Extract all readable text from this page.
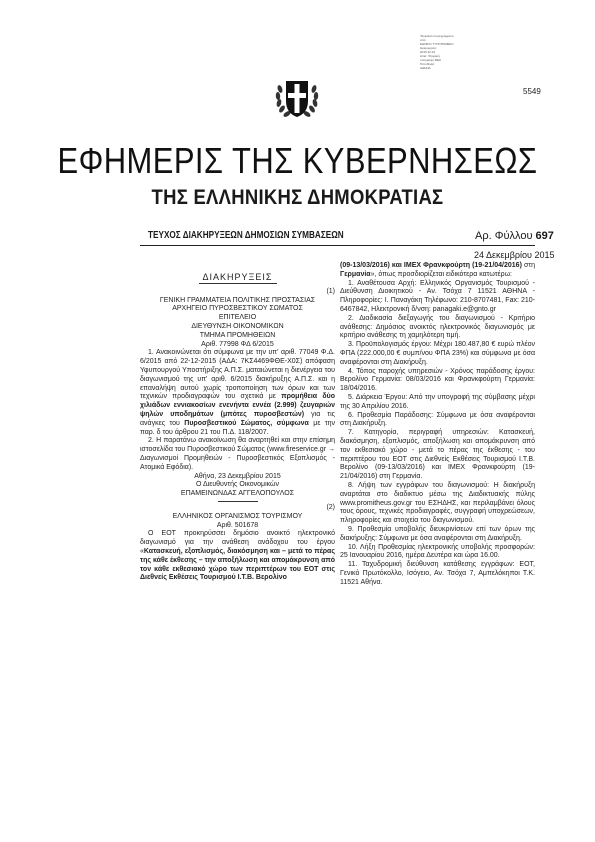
Ψηφιακά υπογεγραμμένο
από
ΕΘΝΙΚΟ ΤΥΠΟΓΡΑΦΕΙΟ
Ημερομηνία:
2015.12.24
Αιτία: Ψηφιακή
υπογραφή ΦΕΚ
Τοποθεσία:
ΑΘΗΝΑ
5549
ΕΦΗΜΕΡΙΣ ΤΗΣ ΚΥΒΕΡΝΗΣΕΩΣ
ΤΗΣ ΕΛΛΗΝΙΚΗΣ ΔΗΜΟΚΡΑΤΙΑΣ
ΤΕΥΧΟΣ ΔΙΑΚΗΡΥΞΕΩΝ ΔΗΜΟΣΙΩΝ ΣΥΜΒΑΣΕΩΝ	Αρ. Φύλλου 697
24 Δεκεμβρίου 2015
ΔΙΑΚΗΡΥΞΕΙΣ

(1)

ΓΕΝΙΚΗ ΓΡΑΜΜΑΤΕΙΑ ΠΟΛΙΤΙΚΗΣ ΠΡΟΣΤΑΣΙΑΣ

ΑΡΧΗΓΕΙΟ ΠΥΡΟΣΒΕΣΤΙΚΟΥ ΣΩΜΑΤΟΣ

ΕΠΙΤΕΛΕΙΟ

ΔΙΕΥΘΥΝΣΗ ΟΙΚΟΝΟΜΙΚΩΝ

ΤΜΗΜΑ ΠΡΟΜΗΘΕΙΩΝ

Αριθ. 77998 ΦΔ 6/2015

1. Ανακοινώνεται ότι σύμφωνα με την υπ' αριθ. 77049 Φ.Δ. 6/2015 από 22-12-2015 (ΑΔΑ: 7ΚΣ4469ΦΘΕ-Χ0Σ) απόφαση Υφυπουργού Υποστήριξης Α.Π.Σ. ματαιώνεται η διενέργεια του διαγωνισμού της υπ' αριθ. 6/2015 διακήρυξης Α.Π.Σ. και η επαναλήψη αυτού χωρίς τροποποίηση των όρων και των τεχνικών προδιαγραφών του σχετικά με προμήθεια δύο χιλιάδων εννιακοσίων ενενήντα εννέα (2.999) ζευγαριών ψηλών υποδημάτων (μπότες πυροσβεστών) για τις ανάγκες του Πυροσβεστικού Σώματος, σύμφωνα με την παρ. δ του άρθρου 21 του Π.Δ. 118/2007.

2. Η παρατάνω ανακοίνωση θα αναρτηθεί και στην επίσημη ιστοσελίδα του Πυροσβεστικού Σώματος (www.fireservice.gr → Διαγωνισμοί Προμηθειών - Πυροσβεστικός Εξοπλισμός - Ατομικά Εφόδια).

Αθήνα, 23 Δεκεμβρίου 2015

Ο Διευθυντής Οικονομικών

ΕΠΑΜΕΙΝΩΝΔΑΣ ΑΓΓΕΛΟΠΟΥΛΟΣ

(2)

ΕΛΛΗΝΙΚΟΣ ΟΡΓΑΝΙΣΜΟΣ ΤΟΥΡΙΣΜΟΥ

Αριθ. 501678

Ο ΕΟΤ προκηρύσσει δημόσιο ανοικτό ηλεκτρονικό διαγωνισμό για την ανάθεση ανάδοχου του έργου «Κατασκευή, εξοπλισμός, διακόσμηση και – μετά το πέρας της κάθε έκθεσης – την αποξήλωση και απομάκρυνση από τον κάθε εκθεσιακό χώρο των περιπτέρων του ΕΟΤ στις Διεθνείς Εκθέσεις Τουρισμού Ι.Τ.Β. Βερολίνο

(09-13/03/2016) και ΙΜΕΧ Φρανκφούρτη (19-21/04/2016) στη Γερμανία», όπως προσδιορίζεται ειδικότερα κατωτέρω:

1. Αναθέτουσα Αρχή: Ελληνικός Οργανισμός Τουρισμού - Διεύθυνση Διοικητικού - Αν. Τσόχα 7 11521 ΑΘΗΝΑ - Πληροφορίες: Ι. Παναγάκη Τηλέφωνο: 210-8707481, Fax: 210-6467842, Ηλεκτρονική δ/νση: panagaki.e@gnto.gr

2. Διαδικασία διεξαγωγής του διαγωνισμού - Κριτήριο ανάθεσης: Δημόσιος ανοικτός ηλεκτρονικός διαγωνισμός με κριτήριο ανάθεσης τη χαμηλότερη τιμή.

3. Προϋπολογισμός έργου: Μέχρι 180.487,80 € ευρώ πλέον ΦΠΑ (222.000,00 € συμπ/νου ΦΠΑ 23%) και σύμφωνα με όσα αναφέρονται στη Διακήρυξη.

4. Τόπος παροχής υπηρεσιών - Χρόνος παράδοσης έργου: Βερολίνο Γερμανία: 08/03/2016 και Φρανκφούρτη Γερμανία: 18/04/2016.

5. Διάρκεια Έργου: Από την υπογραφή της σύμβασης μέχρι της 30 Απριλίου 2016.

6. Προθεσμία Παράδοσης: Σύμφωνα με όσα αναφέρονται στη Διακήρυξη.

7. Κατηγορία, περιγραφή υπηρεσιών: Κατασκευή, διακόσμηση, εξοπλισμός, αποξήλωση και απομάκρυνση από τον εκθεσιακό χώρο - μετά το πέρας της έκθεσης - του περιπτέρου του ΕΟΤ στις Διεθνείς Εκθέσεις Τουρισμού Ι.Τ.Β. Βερολίνο (09-13/03/2016) και ΙΜΕΧ Φρανκφούρτη (19-21/04/2016) στη Γερμανία.

8. Λήψη των εγγράφων του διαγωνισμού: Η διακήρυξη αναρτάται στο διαδικτυο μέσω της Διαδικτυακής πύλης www.promitheus.gov.gr του ΕΣΗΔΗΣ, και περιλαμβάνει όλους τους όρους, τεχνικές προδιαγραφές, συγγραφή υποχρεώσεων, πληροφορίες και στοιχεία του διαγωνισμού.

9. Προθεσμία υποβολής διευκρινίσεων επί των όρων της διακήρυξης: Σύμφωνα με όσα αναφέρονται στη Διακήρυξη.

10. Λήξη Προθεσμίας ηλεκτρονικής υποβολής προσφορών: 25 Ιανουαρίου 2016, ημέρα Δευτέρα και ώρα 16.00.

11. Ταχυδρομική διεύθυνση κατάθεσης εγγράφων: ΕΟΤ, Γενικό Πρωτόκολλο, Ισόγειο, Αν. Τσόχα 7, Αμπελόκηποι Τ.Κ. 11521 Αθήνα.
